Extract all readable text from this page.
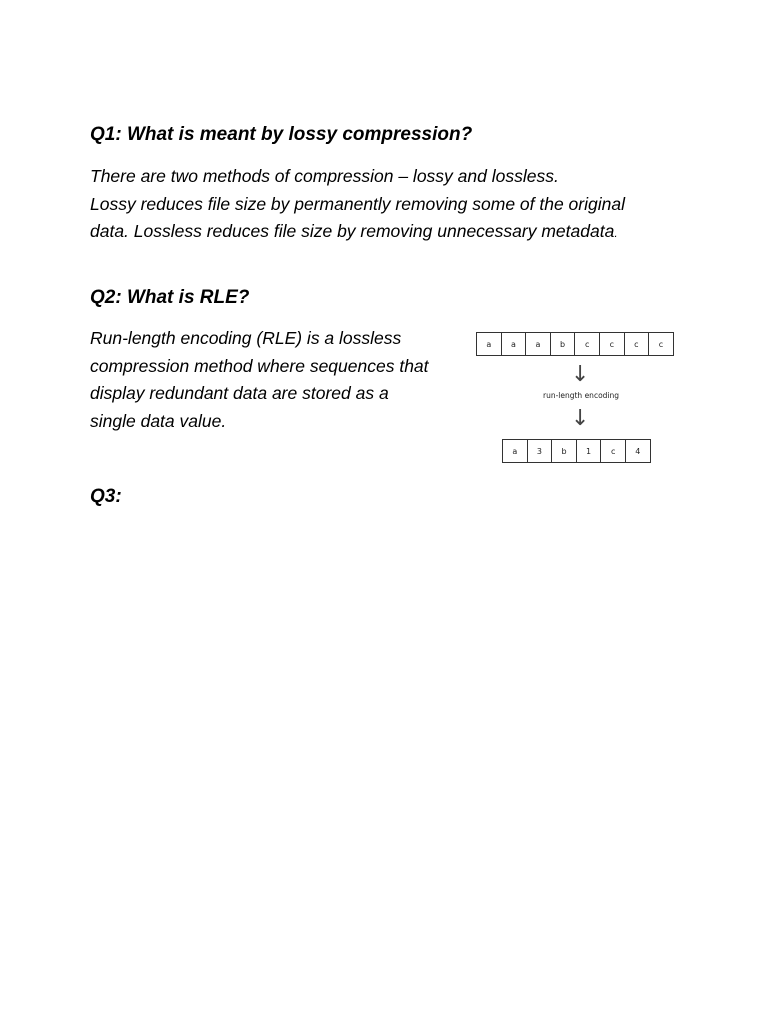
Q1: What is meant by lossy compression?

There are two methods of compression – lossy and lossless.

Lossy reduces file size by permanently removing some of the original

data. Lossless reduces file size by removing unnecessary metadata.

Q2: What is RLE?

Run-length encoding (RLE) is a lossless

compression method where sequences that

display redundant data are stored as a

single data value.

a	a	a	b	c	c	c	c
↓
run-length encoding
↓
a	3	b	1	c	4
Q3:
